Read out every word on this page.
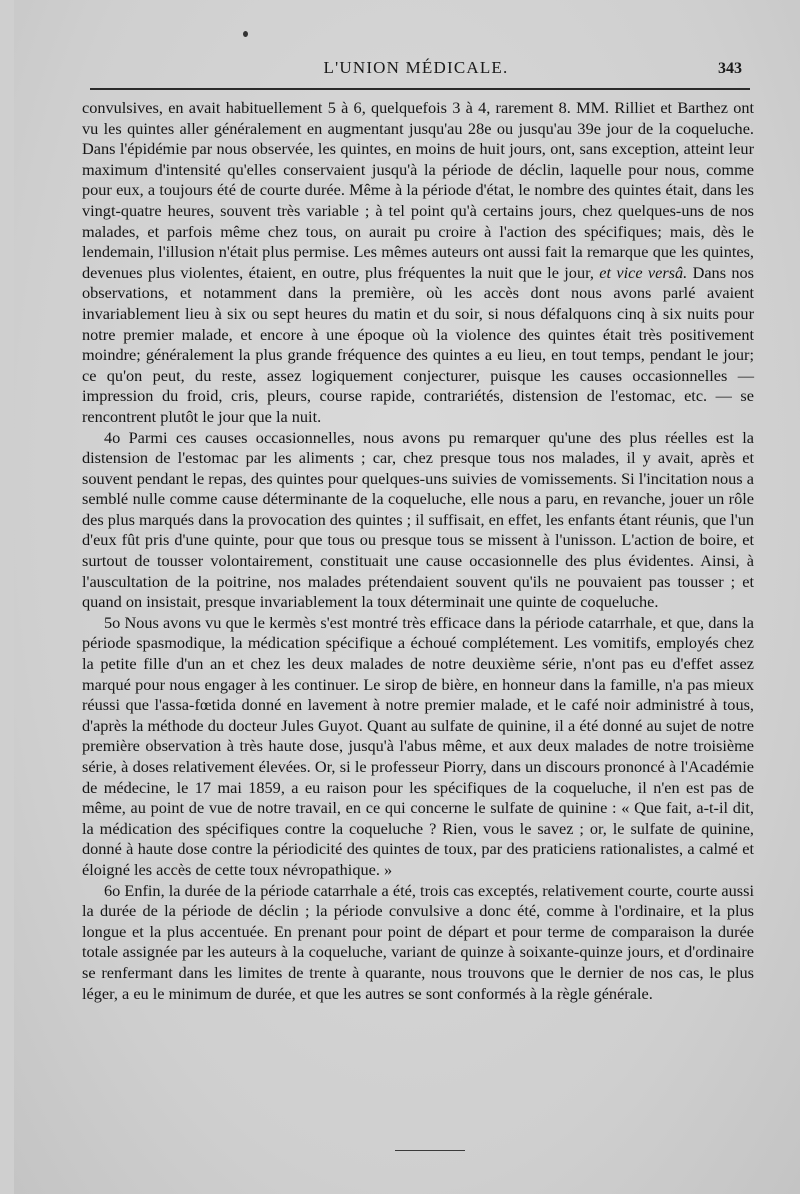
L'UNION MÉDICALE.	343

convulsives, en avait habituellement 5 à 6, quelquefois 3 à 4, rarement 8. MM. Rilliet et Barthez ont vu les quintes aller généralement en augmentant jusqu'au 28e ou jusqu'au 39e jour de la coqueluche. Dans l'épidémie par nous observée, les quintes, en moins de huit jours, ont, sans exception, atteint leur maximum d'intensité qu'elles conservaient jusqu'à la période de déclin, laquelle pour nous, comme pour eux, a toujours été de courte durée. Même à la période d'état, le nombre des quintes était, dans les vingt-quatre heures, souvent très variable ; à tel point qu'à certains jours, chez quelques-uns de nos malades, et parfois même chez tous, on aurait pu croire à l'action des spécifiques; mais, dès le lendemain, l'illusion n'était plus permise. Les mêmes auteurs ont aussi fait la remarque que les quintes, devenues plus violentes, étaient, en outre, plus fréquentes la nuit que le jour, et vice versâ. Dans nos observations, et notamment dans la première, où les accès dont nous avons parlé avaient invariablement lieu à six ou sept heures du matin et du soir, si nous défalquons cinq à six nuits pour notre premier malade, et encore à une époque où la violence des quintes était très positivement moindre; généralement la plus grande fréquence des quintes a eu lieu, en tout temps, pendant le jour; ce qu'on peut, du reste, assez logiquement conjecturer, puisque les causes occasionnelles — impression du froid, cris, pleurs, course rapide, contrariétés, distension de l'estomac, etc. — se rencontrent plutôt le jour que la nuit.

4o Parmi ces causes occasionnelles, nous avons pu remarquer qu'une des plus réelles est la distension de l'estomac par les aliments ; car, chez presque tous nos malades, il y avait, après et souvent pendant le repas, des quintes pour quelques-uns suivies de vomissements. Si l'incitation nous a semblé nulle comme cause déterminante de la coqueluche, elle nous a paru, en revanche, jouer un rôle des plus marqués dans la provocation des quintes ; il suffisait, en effet, les enfants étant réunis, que l'un d'eux fût pris d'une quinte, pour que tous ou presque tous se missent à l'unisson. L'action de boire, et surtout de tousser volontairement, constituait une cause occasionnelle des plus évidentes. Ainsi, à l'auscultation de la poitrine, nos malades prétendaient souvent qu'ils ne pouvaient pas tousser ; et quand on insistait, presque invariablement la toux déterminait une quinte de coqueluche.

5o Nous avons vu que le kermès s'est montré très efficace dans la période catarrhale, et que, dans la période spasmodique, la médication spécifique a échoué complétement. Les vomitifs, employés chez la petite fille d'un an et chez les deux malades de notre deuxième série, n'ont pas eu d'effet assez marqué pour nous engager à les continuer. Le sirop de bière, en honneur dans la famille, n'a pas mieux réussi que l'assa-fœtida donné en lavement à notre premier malade, et le café noir administré à tous, d'après la méthode du docteur Jules Guyot. Quant au sulfate de quinine, il a été donné au sujet de notre première observation à très haute dose, jusqu'à l'abus même, et aux deux malades de notre troisième série, à doses relativement élevées. Or, si le professeur Piorry, dans un discours prononcé à l'Académie de médecine, le 17 mai 1859, a eu raison pour les spécifiques de la coqueluche, il n'en est pas de même, au point de vue de notre travail, en ce qui concerne le sulfate de quinine : « Que fait, a-t-il dit, la médication des spécifiques contre la coqueluche ? Rien, vous le savez ; or, le sulfate de quinine, donné à haute dose contre la périodicité des quintes de toux, par des praticiens rationalistes, a calmé et éloigné les accès de cette toux névropathique. »

6o Enfin, la durée de la période catarrhale a été, trois cas exceptés, relativement courte, courte aussi la durée de la période de déclin ; la période convulsive a donc été, comme à l'ordinaire, et la plus longue et la plus accentuée. En prenant pour point de départ et pour terme de comparaison la durée totale assignée par les auteurs à la coqueluche, variant de quinze à soixante-quinze jours, et d'ordinaire se renfermant dans les limites de trente à quarante, nous trouvons que le dernier de nos cas, le plus léger, a eu le minimum de durée, et que les autres se sont conformés à la règle générale.
